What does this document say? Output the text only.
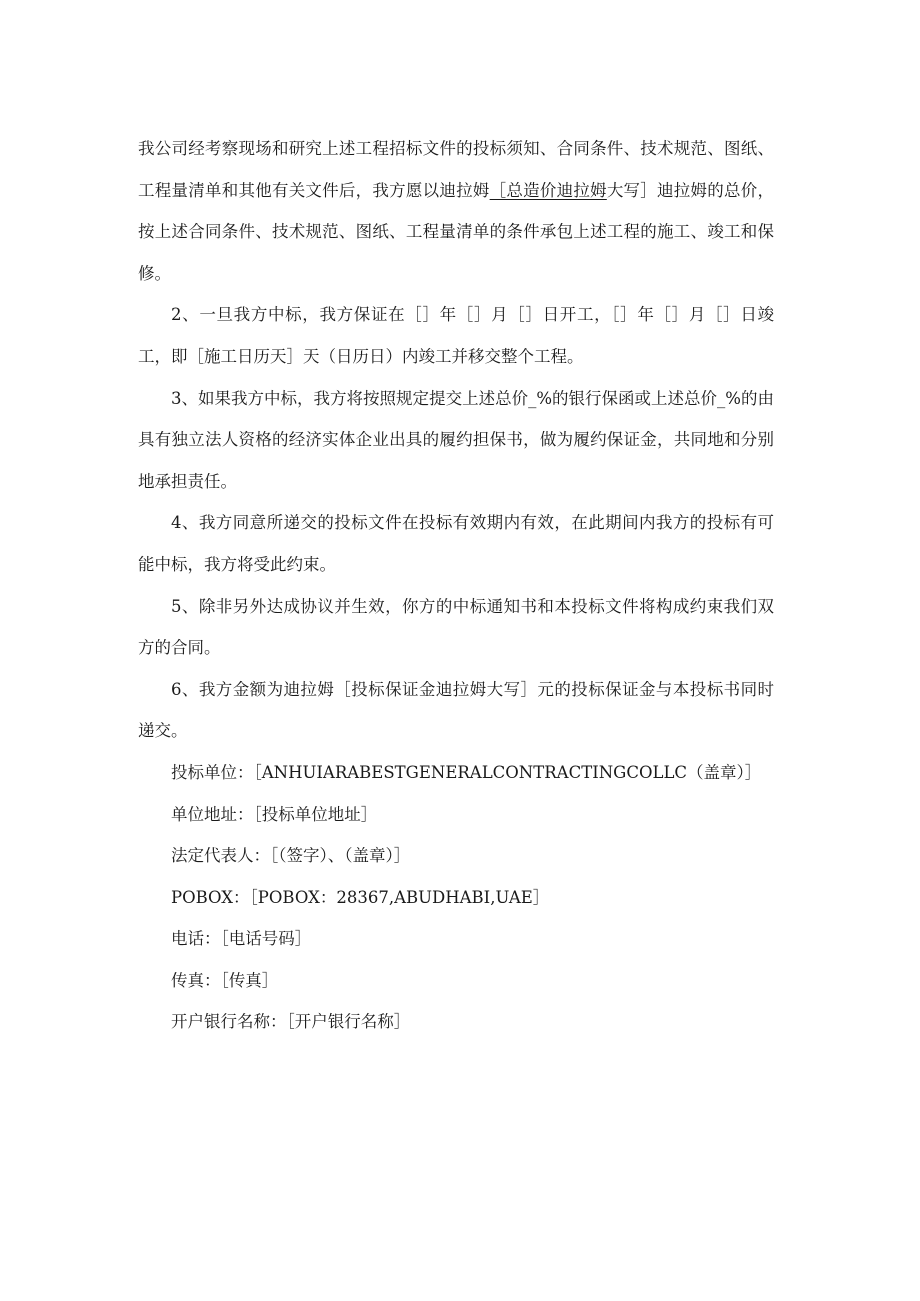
我公司经考察现场和研究上述工程招标文件的投标须知、合同条件、技术规范、图纸、工程量清单和其他有关文件后，我方愿以迪拉姆［总造价迪拉姆大写］迪拉姆的总价，按上述合同条件、技术规范、图纸、工程量清单的条件承包上述工程的施工、竣工和保修。

2、一旦我方中标，我方保证在［］年［］月［］日开工，［］年［］月［］日竣工，即［施工日历天］天（日历日）内竣工并移交整个工程。

3、如果我方中标，我方将按照规定提交上述总价_%的银行保函或上述总价_%的由具有独立法人资格的经济实体企业出具的履约担保书，做为履约保证金，共同地和分别地承担责任。

4、我方同意所递交的投标文件在投标有效期内有效，在此期间内我方的投标有可能中标，我方将受此约束。

5、除非另外达成协议并生效，你方的中标通知书和本投标文件将构成约束我们双方的合同。

6、我方金额为迪拉姆［投标保证金迪拉姆大写］元的投标保证金与本投标书同时递交。

投标单位：［ANHUIARABESTGENERALCONTRACTINGCOLLC（盖章）］

单位地址：［投标单位地址］

法定代表人：［（签字）、（盖章）］

POBOX：［POBOX：28367,ABUDHABI,UAE］

电话：［电话号码］

传真：［传真］

开户银行名称：［开户银行名称］
